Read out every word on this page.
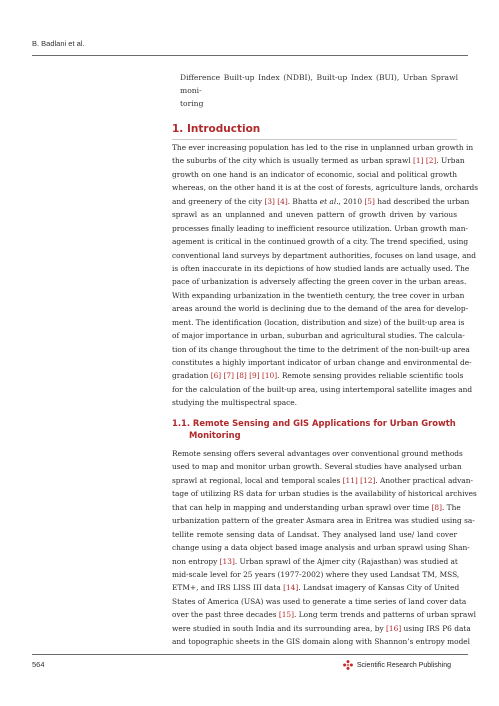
B. Badlani et al.
Difference Built-up Index (NDBI), Built-up Index (BUI), Urban Sprawl moni-
toring
1. Introduction
The ever increasing population has led to the rise in unplanned urban growth in
the suburbs of the city which is usually termed as urban sprawl [1] [2]. Urban
growth on one hand is an indicator of economic, social and political growth
whereas, on the other hand it is at the cost of forests, agriculture lands, orchards
and greenery of the city [3] [4]. Bhatta et al., 2010 [5] had described the urban
sprawl as an unplanned and uneven pattern of growth driven by various
processes finally leading to inefficient resource utilization. Urban growth man-
agement is critical in the continued growth of a city. The trend specified, using
conventional land surveys by department authorities, focuses on land usage, and
is often inaccurate in its depictions of how studied lands are actually used. The
pace of urbanization is adversely affecting the green cover in the urban areas.
With expanding urbanization in the twentieth century, the tree cover in urban
areas around the world is declining due to the demand of the area for develop-
ment. The identification (location, distribution and size) of the built-up area is
of major importance in urban, suburban and agricultural studies. The calcula-
tion of its change throughout the time to the detriment of the non-built-up area
constitutes a highly important indicator of urban change and environmental de-
gradation [6] [7] [8] [9] [10]. Remote sensing provides reliable scientific tools
for the calculation of the built-up area, using intertemporal satellite images and
studying the multispectral space.
1.1. Remote Sensing and GIS Applications for Urban Growth
Monitoring
Remote sensing offers several advantages over conventional ground methods
used to map and monitor urban growth. Several studies have analysed urban
sprawl at regional, local and temporal scales [11] [12]. Another practical advan-
tage of utilizing RS data for urban studies is the availability of historical archives
that can help in mapping and understanding urban sprawl over time [8]. The
urbanization pattern of the greater Asmara area in Eritrea was studied using sa-
tellite remote sensing data of Landsat. They analysed land use/ land cover
change using a data object based image analysis and urban sprawl using Shan-
non entropy [13]. Urban sprawl of the Ajmer city (Rajasthan) was studied at
mid-scale level for 25 years (1977-2002) where they used Landsat TM, MSS,
ETM+, and IRS LISS III data [14]. Landsat imagery of Kansas City of United
States of America (USA) was used to generate a time series of land cover data
over the past three decades [15]. Long term trends and patterns of urban sprawl
were studied in south India and its surrounding area, by [16] using IRS P6 data
and topographic sheets in the GIS domain along with Shannon’s entropy model
564	Scientific Research Publishing
